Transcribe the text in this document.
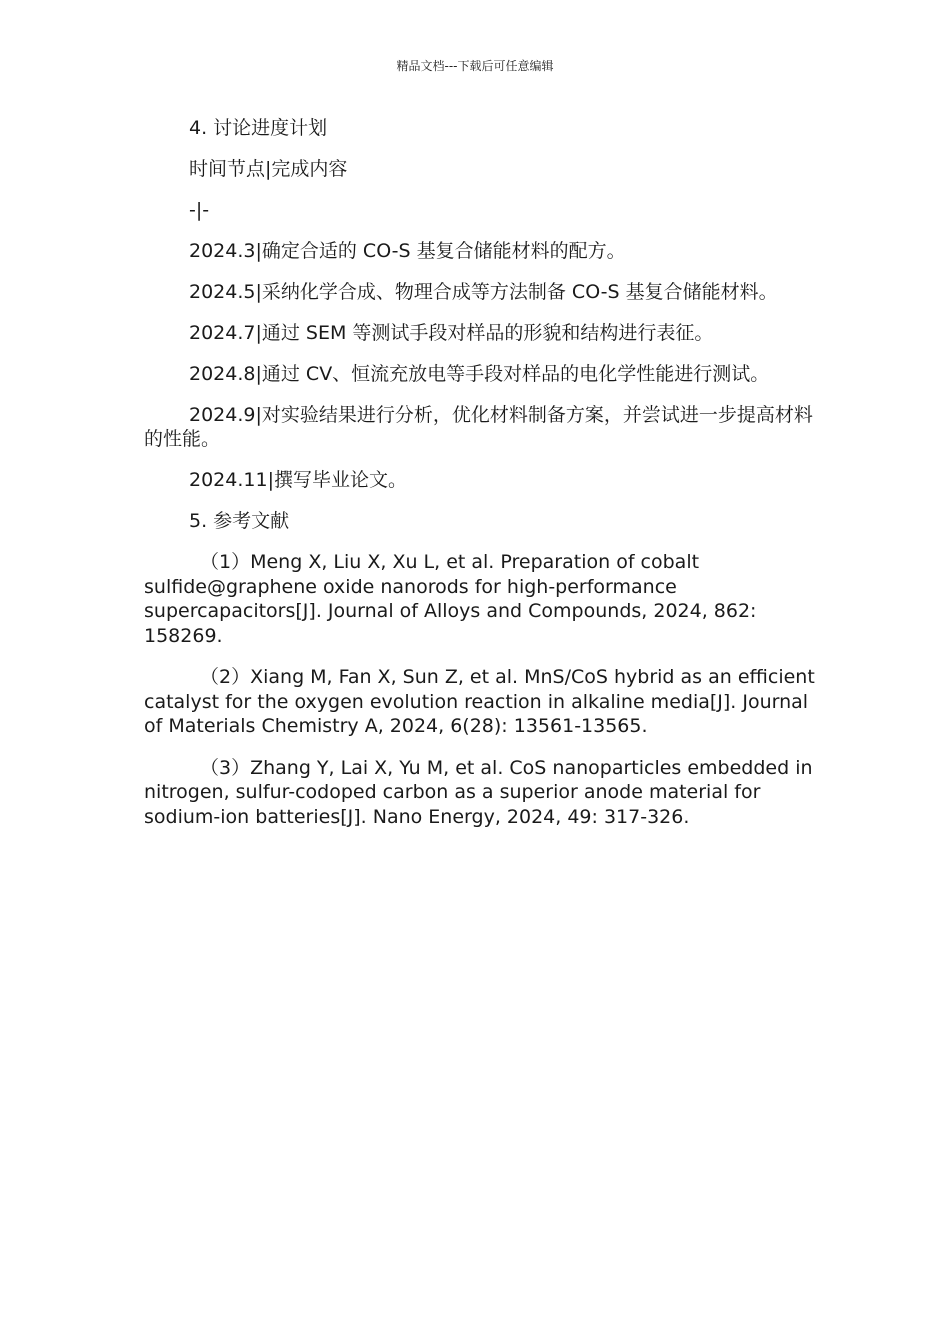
精品文档---下载后可任意编辑

4. 讨论进度计划

时间节点|完成内容

-|-

2024.3|确定合适的 CO-S 基复合储能材料的配方。

2024.5|采纳化学合成、物理合成等方法制备 CO-S 基复合储能材料。

2024.7|通过 SEM 等测试手段对样品的形貌和结构进行表征。

2024.8|通过 CV、恒流充放电等手段对样品的电化学性能进行测试。

2024.9|对实验结果进行分析，优化材料制备方案，并尝试进一步提高材料的性能。

2024.11|撰写毕业论文。

5. 参考文献

（1）Meng X, Liu X, Xu L, et al. Preparation of cobalt sulfide@graphene oxide nanorods for high-performance supercapacitors[J]. Journal of Alloys and Compounds, 2024, 862: 158269.

（2）Xiang M, Fan X, Sun Z, et al. MnS/CoS hybrid as an efficient catalyst for the oxygen evolution reaction in alkaline media[J]. Journal of Materials Chemistry A, 2024, 6(28): 13561-13565.

（3）Zhang Y, Lai X, Yu M, et al. CoS nanoparticles embedded in nitrogen, sulfur-codoped carbon as a superior anode material for sodium-ion batteries[J]. Nano Energy, 2024, 49: 317-326.
